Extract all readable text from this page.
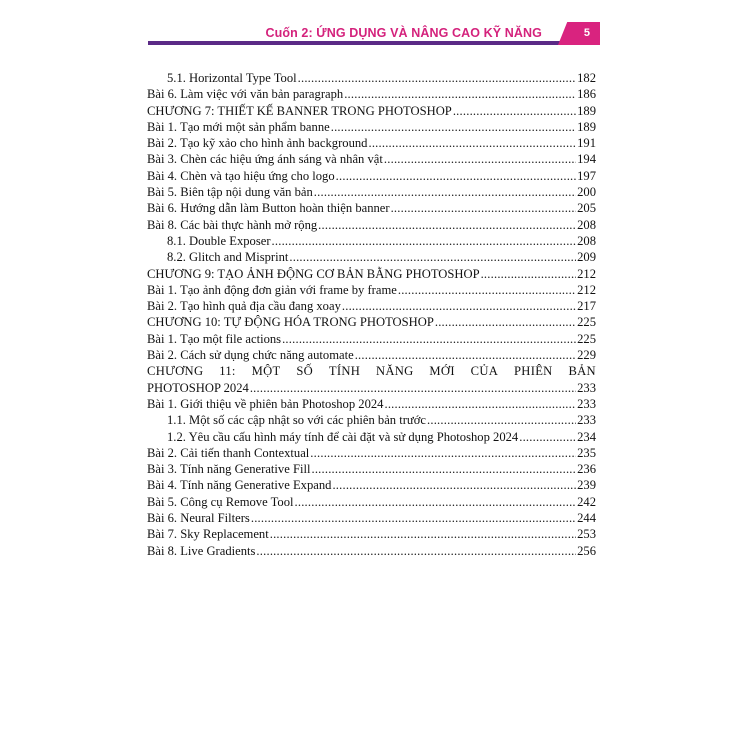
Cuốn 2: ỨNG DỤNG VÀ NÂNG CAO KỸ NĂNG	5
5.1. Horizontal Type Tool .....	182
Bài 6. Làm việc với văn bản paragraph .....	186
CHƯƠNG 7: THIẾT KẾ BANNER TRONG PHOTOSHOP .....	189
Bài 1. Tạo mới một sản phẩm banne .....	189
Bài 2. Tạo kỹ xảo cho hình ảnh background .....	191
Bài 3. Chèn các hiệu ứng ánh sáng và nhân vật .....	194
Bài 4. Chèn và tạo hiệu ứng cho logo .....	197
Bài 5. Biên tập nội dung văn bản .....	200
Bài 6. Hướng dẫn làm Button hoàn thiện banner .....	205
Bài 8. Các bài thực hành mở rộng .....	208
8.1. Double Exposer .....	208
8.2. Glitch and Misprint .....	209
CHƯƠNG 9: TẠO ẢNH ĐỘNG CƠ BẢN BẰNG PHOTOSHOP .....	212
Bài 1. Tạo ảnh động đơn giản với frame by frame .....	212
Bài 2. Tạo hình quả địa cầu đang xoay .....	217
CHƯƠNG 10: TỰ ĐỘNG HÓA TRONG PHOTOSHOP .....	225
Bài 1. Tạo một file actions .....	225
Bài 2. Cách sử dụng chức năng automate .....	229
CHƯƠNG 11: MỘT SỐ TÍNH NĂNG MỚI CỦA PHIÊN BẢN
PHOTOSHOP 2024 .....	233
Bài 1. Giới thiệu về phiên bản Photoshop 2024 .....	233
1.1. Một số các cập nhật so với các phiên bản trước .....	233
1.2. Yêu cầu cấu hình máy tính để cài đặt và sử dụng Photoshop 2024 .....	234
Bài 2. Cải tiến thanh Contextual .....	235
Bài 3. Tính năng Generative Fill .....	236
Bài 4. Tính năng Generative Expand .....	239
Bài 5. Công cụ Remove Tool .....	242
Bài 6. Neural Filters .....	244
Bài 7. Sky Replacement .....	253
Bài 8. Live Gradients .....	256
